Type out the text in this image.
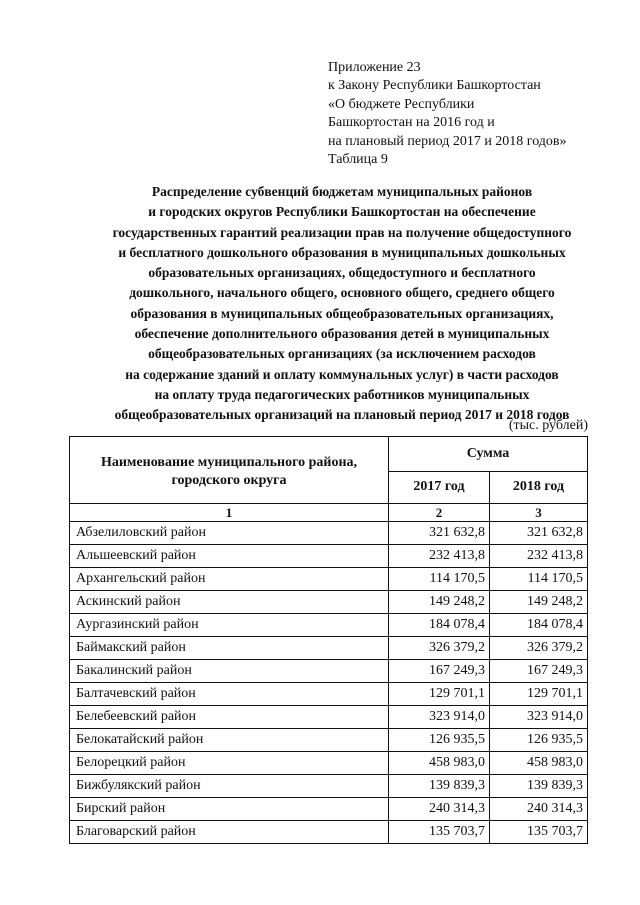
Приложение 23
к Закону Республики Башкортостан
«О бюджете Республики
Башкортостан на 2016 год и
на плановый период 2017 и 2018 годов»
Таблица 9
Распределение субвенций бюджетам муниципальных районов
и городских округов Республики Башкортостан на обеспечение
государственных гарантий реализации прав на получение общедоступного
и бесплатного дошкольного образования в муниципальных дошкольных
образовательных организациях, общедоступного и бесплатного
дошкольного, начального общего, основного общего, среднего общего
образования в муниципальных общеобразовательных организациях,
обеспечение дополнительного образования детей в муниципальных
общеобразовательных организациях (за исключением расходов
на содержание зданий и оплату коммунальных услуг) в части расходов
на оплату труда педагогических работников муниципальных
общеобразовательных организаций на плановый период 2017 и 2018 годов
(тыс. рублей)
Наименование муниципального района, городского округа	Сумма	
	2017 год	2018 год
1	2	3
Абзелиловский район	321 632,8	321 632,8
Альшеевский район	232 413,8	232 413,8
Архангельский район	114 170,5	114 170,5
Аскинский район	149 248,2	149 248,2
Аургазинский район	184 078,4	184 078,4
Баймакский район	326 379,2	326 379,2
Бакалинский район	167 249,3	167 249,3
Балтачевский район	129 701,1	129 701,1
Белебеевский район	323 914,0	323 914,0
Белокатайский район	126 935,5	126 935,5
Белорецкий район	458 983,0	458 983,0
Бижбулякский район	139 839,3	139 839,3
Бирский район	240 314,3	240 314,3
Благоварский район	135 703,7	135 703,7
